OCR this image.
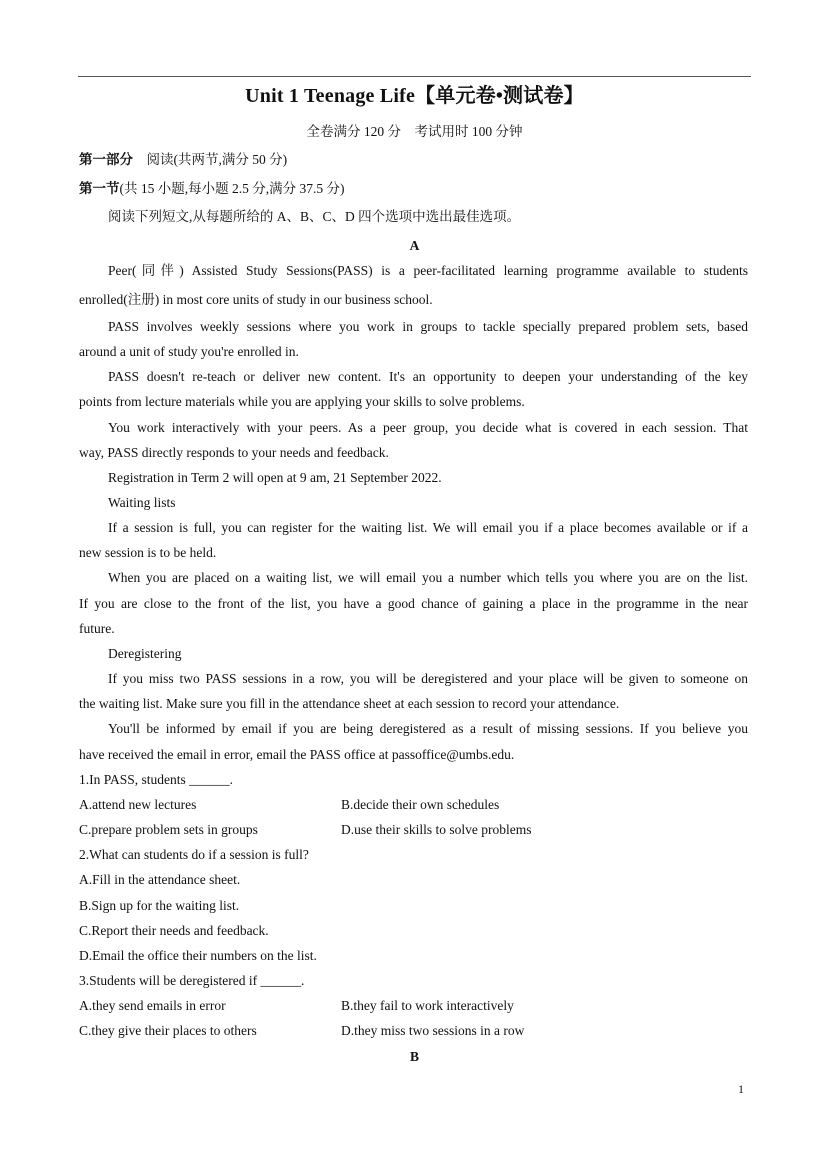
Unit 1 Teenage Life【单元卷•测试卷】
全卷满分 120 分　考试用时 100 分钟
第一部分　阅读(共两节,满分 50 分)
第一节(共 15 小题,每小题 2.5 分,满分 37.5 分)
阅读下列短文,从每题所给的 A、B、C、D 四个选项中选出最佳选项。
A
Peer(同伴) Assisted Study Sessions(PASS) is a peer-facilitated learning programme available to students
enrolled(注册) in most core units of study in our business school.
PASS involves weekly sessions where you work in groups to tackle specially prepared problem sets, based
around a unit of study you're enrolled in.
PASS doesn't re-teach or deliver new content. It's an opportunity to deepen your understanding of the key
points from lecture materials while you are applying your skills to solve problems.
You work interactively with your peers. As a peer group, you decide what is covered in each session. That
way, PASS directly responds to your needs and feedback.
Registration in Term 2 will open at 9 am, 21 September 2022.
Waiting lists
If a session is full, you can register for the waiting list. We will email you if a place becomes available or if a
new session is to be held.
When you are placed on a waiting list, we will email you a number which tells you where you are on the list.
If you are close to the front of the list, you have a good chance of gaining a place in the programme in the near
future.
Deregistering
If you miss two PASS sessions in a row, you will be deregistered and your place will be given to someone on
the waiting list. Make sure you fill in the attendance sheet at each session to record your attendance.
You'll be informed by email if you are being deregistered as a result of missing sessions. If you believe you
have received the email in error, email the PASS office at passoffice@umbs.edu.
1.In PASS, students ______.
A.attend new lectures	B.decide their own schedules
C.prepare problem sets in groups	D.use their skills to solve problems
2.What can students do if a session is full?
A.Fill in the attendance sheet.
B.Sign up for the waiting list.
C.Report their needs and feedback.
D.Email the office their numbers on the list.
3.Students will be deregistered if ______.
A.they send emails in error	B.they fail to work interactively
C.they give their places to others	D.they miss two sessions in a row
B
1
